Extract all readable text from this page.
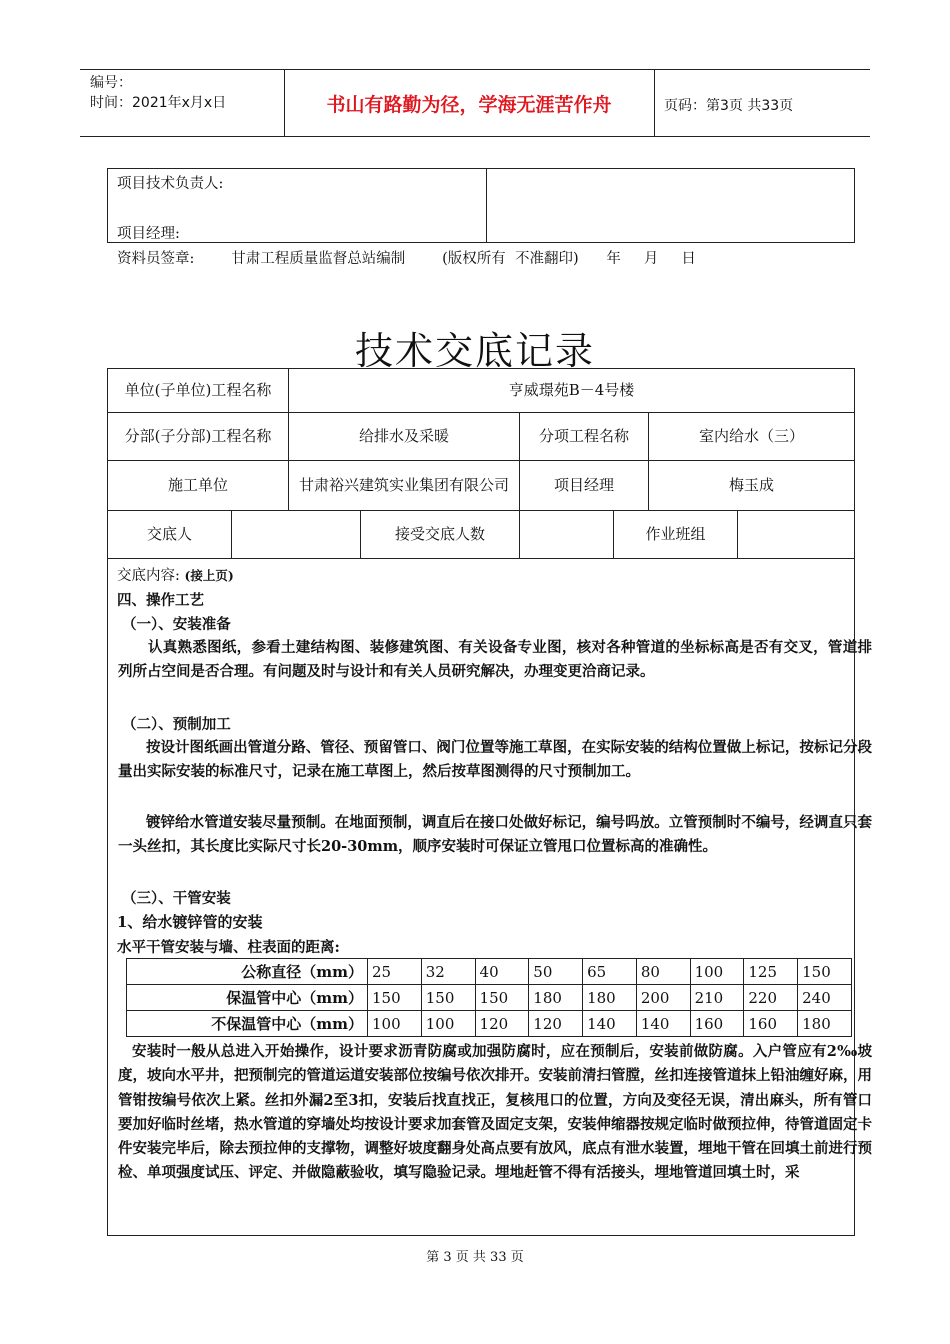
编号：
时间：2021年x月x日	书山有路勤为径，学海无涯苦作舟	页码：第3页 共33页
项目技术负责人:
项目经理:
资料员签章:        甘肃工程质量监督总站编制        (版权所有  不准翻印)      年     月     日
技术交底记录
单位(子单位)工程名称	亨威璟苑B－4号楼
分部(子分部)工程名称	给排水及采暖	分项工程名称	室内给水（三）
施工单位	甘肃裕兴建筑实业集团有限公司	项目经理	梅玉成
交底人	接受交底人数	作业班组
交底内容: (接上页)
四、操作工艺
（一）、安装准备
认真熟悉图纸，参看土建结构图、装修建筑图、有关设备专业图，核对各种管道的坐标标高是否有交叉，管道排列所占空间是否合理。有问题及时与设计和有关人员研究解决，办理变更洽商记录。
（二）、预制加工
按设计图纸画出管道分路、管径、预留管口、阀门位置等施工草图，在实际安装的结构位置做上标记，按标记分段量出实际安装的标准尺寸，记录在施工草图上，然后按草图测得的尺寸预制加工。
镀锌给水管道安装尽量预制。在地面预制，调直后在接口处做好标记，编号吗放。立管预制时不编号，经调直只套一头丝扣，其长度比实际尺寸长20-30mm，顺序安装时可保证立管甩口位置标高的准确性。
（三）、干管安装
1、给水镀锌管的安装
水平干管安装与墙、柱表面的距离:
公称直径（mm）	25	32	40	50	65	80	100	125	150
保温管中心（mm）	150	150	150	180	180	200	210	220	240
不保温管中心（mm）	100	100	120	120	140	140	160	160	180
安装时一般从总进入开始操作，设计要求沥青防腐或加强防腐时，应在预制后，安装前做防腐。入户管应有2‰坡度，坡向水平井，把预制完的管道运道安装部位按编号依次排开。安装前清扫管膛，丝扣连接管道抹上铅油缠好麻，用管钳按编号依次上紧。丝扣外漏2至3扣，安装后找直找正，复核甩口的位置，方向及变径无误，清出麻头，所有管口要加好临时丝堵，热水管道的穿墙处均按设计要求加套管及固定支架，安装伸缩器按规定临时做预拉伸，待管道固定卡件安装完毕后，除去预拉伸的支撑物，调整好坡度翻身处高点要有放风，底点有泄水装置，埋地干管在回填土前进行预检、单项强度试压、评定、并做隐蔽验收，填写隐验记录。埋地赶管不得有活接头，埋地管道回填土时，采
第 3 页 共 33 页
